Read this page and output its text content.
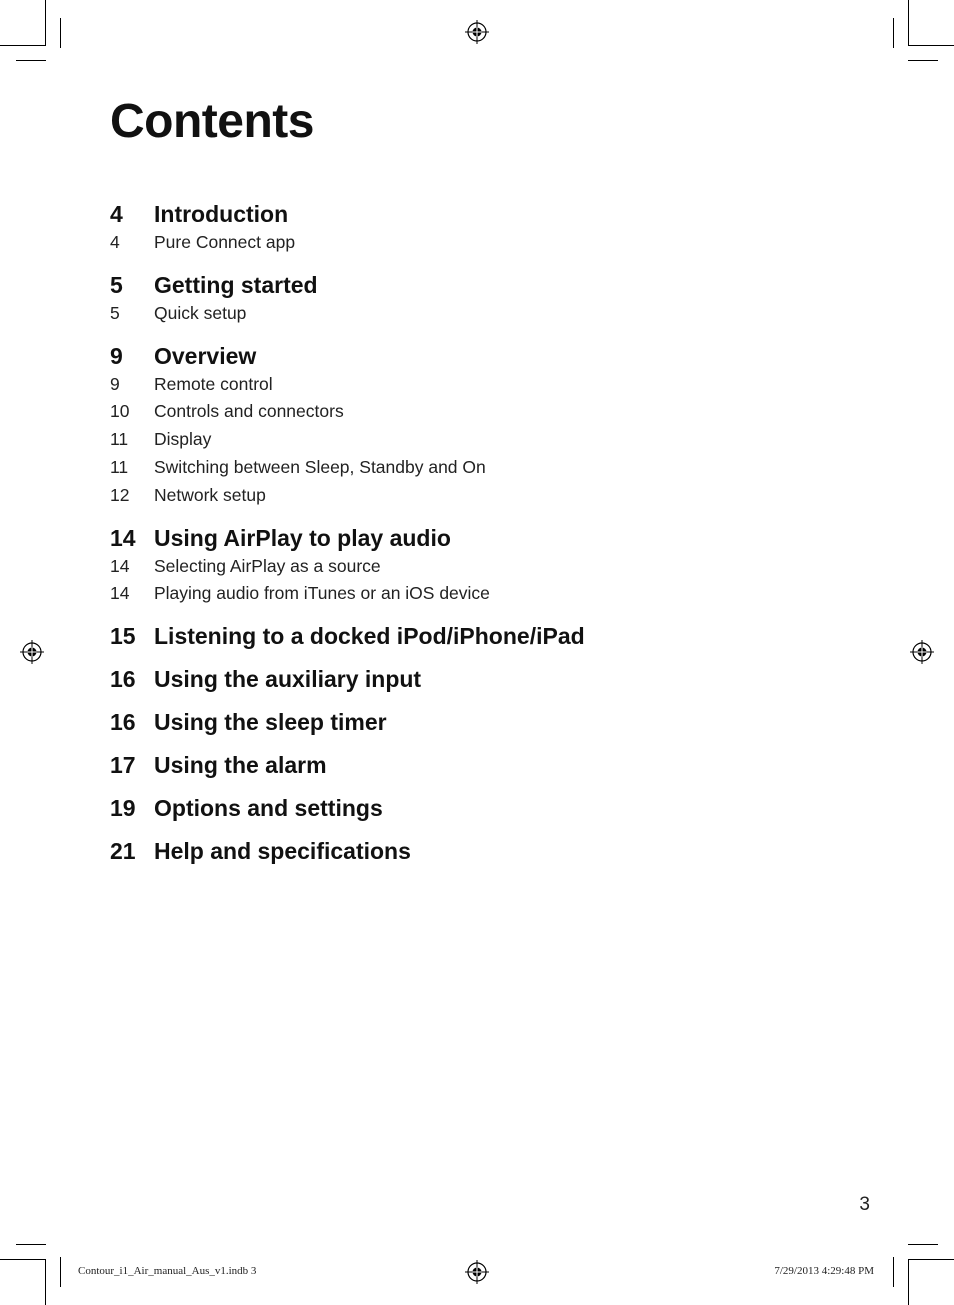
Contents
4	Introduction
4	Pure Connect app
5	Getting started
5	Quick setup
9	Overview
9	Remote control
10	Controls and connectors
11	Display
11	Switching between Sleep, Standby and On
12	Network setup
14 Using AirPlay to play audio
14	Selecting AirPlay as a source
14	Playing audio from iTunes or an iOS device
15 Listening to a docked iPod/iPhone/iPad
16 Using the auxiliary input
16 Using the sleep timer
17 Using the alarm
19 Options and settings
21 Help and specifications
3
Contour_i1_Air_manual_Aus_v1.indb 3	7/29/2013 4:29:48 PM
